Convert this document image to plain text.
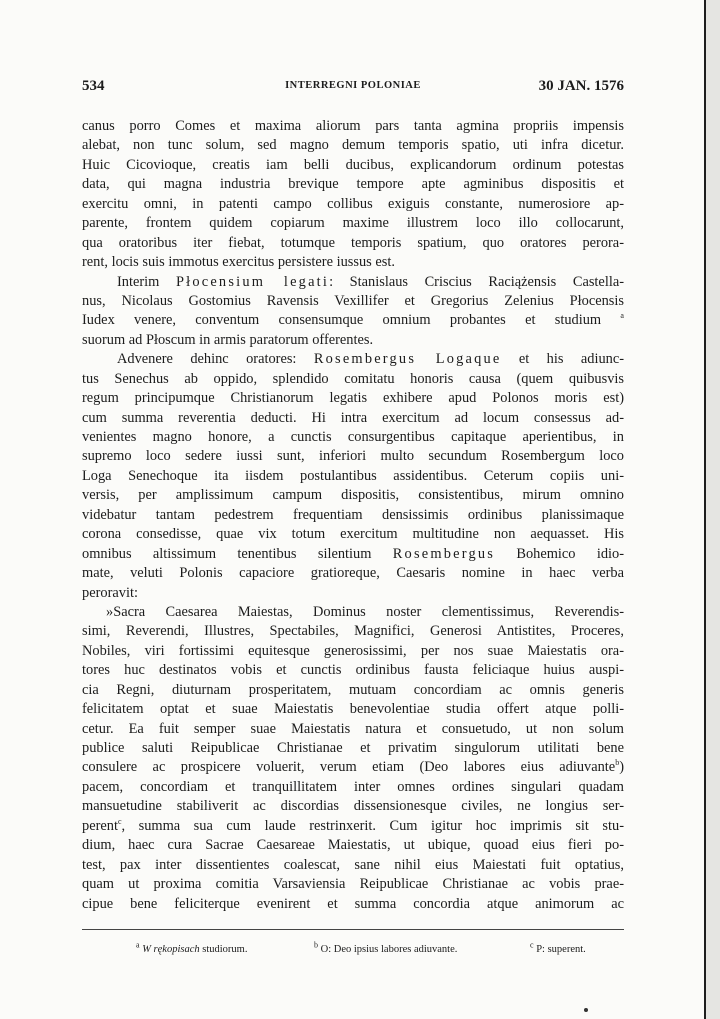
534	INTERREGNI POLONIAE	30 JAN. 1576
canus porro Comes et maxima aliorum pars tanta agmina propriis impensis
alebat, non tunc solum, sed magno demum temporis spatio, uti infra dicetur.
Huic Cicovioque, creatis iam belli ducibus, explicandorum ordinum potestas
data, qui magna industria brevique tempore apte agminibus dispositis et
exercitu omni, in patenti campo collibus exiguis constante, numerosiore ap-
parente, frontem quidem copiarum maxime illustrem loco illo collocarunt,
qua oratoribus iter fiebat, totumque temporis spatium, quo oratores perora-
rent, locis suis immotus exercitus persistere iussus est.
Interim Płocensium legati: Stanislaus Criscius Raciążensis Castella-
nus, Nicolaus Gostomius Ravensis Vexillifer et Gregorius Zelenius Płocensis
Iudex venere, conventum consensumque omnium probantes et studium $^a$
suorum ad Płoscum in armis paratorum offerentes.
Advenere dehinc oratores: Rosembergus Logaque et his adiunc-
tus Senechus ab oppido, splendido comitatu honoris causa (quem quibusvis
regum principumque Christianorum legatis exhibere apud Polonos moris est)
cum summa reverentia deducti. Hi intra exercitum ad locum consessus ad-
venientes magno honore, a cunctis consurgentibus capitaque aperientibus, in
supremo loco sedere iussi sunt, inferiori multo secundum Rosembergum loco
Loga Senechoque ita iisdem postulantibus assidentibus. Ceterum copiis uni-
versis, per amplissimum campum dispositis, consistentibus, mirum omnino
videbatur tantam pedestrem frequentiam densissimis ordinibus planissimaque
corona consedisse, quae vix totum exercitum multitudine non aequasset. His
omnibus altissimum tenentibus silentium Rosembergus Bohemico idio-
mate, veluti Polonis capaciore gratioreque, Caesaris nomine in haec verba
peroravit:
»Sacra Caesarea Maiestas, Dominus noster clementissimus, Reverendis-
simi, Reverendi, Illustres, Spectabiles, Magnifici, Generosi Antistites, Proceres,
Nobiles, viri fortissimi equitesque generosissimi, per nos suae Maiestatis ora-
tores huc destinatos vobis et cunctis ordinibus fausta feliciaque huius auspi-
cia Regni, diuturnam prosperitatem, mutuam concordiam ac omnis generis
felicitatem optat et suae Maiestatis benevolentiae studia offert atque polli-
cetur. Ea fuit semper suae Maiestatis natura et consuetudo, ut non solum
publice saluti Reipublicae Christianae et privatim singulorum utilitati bene
consulere ac prospicere voluerit, verum etiam (Deo labores eius adiuvante$^b$)
pacem, concordiam et tranquillitatem inter omnes ordines singulari quadam
mansuetudine stabiliverit ac discordias dissensionesque civiles, ne longius ser-
perent$^c$, summa sua cum laude restrinxerit. Cum igitur hoc imprimis sit stu-
dium, haec cura Sacrae Caesareae Maiestatis, ut ubique, quoad eius fieri po-
test, pax inter dissentientes coalescat, sane nihil eius Maiestati fuit optatius,
quam ut proxima comitia Varsaviensia Reipublicae Christianae ac vobis prae-
cipue bene feliciterque evenirent et summa concordia atque animorum ac
$^a$ W rękopisach studiorum.	$^b$ O: Deo ipsius labores adiuvante.	$^c$ P: superent.
